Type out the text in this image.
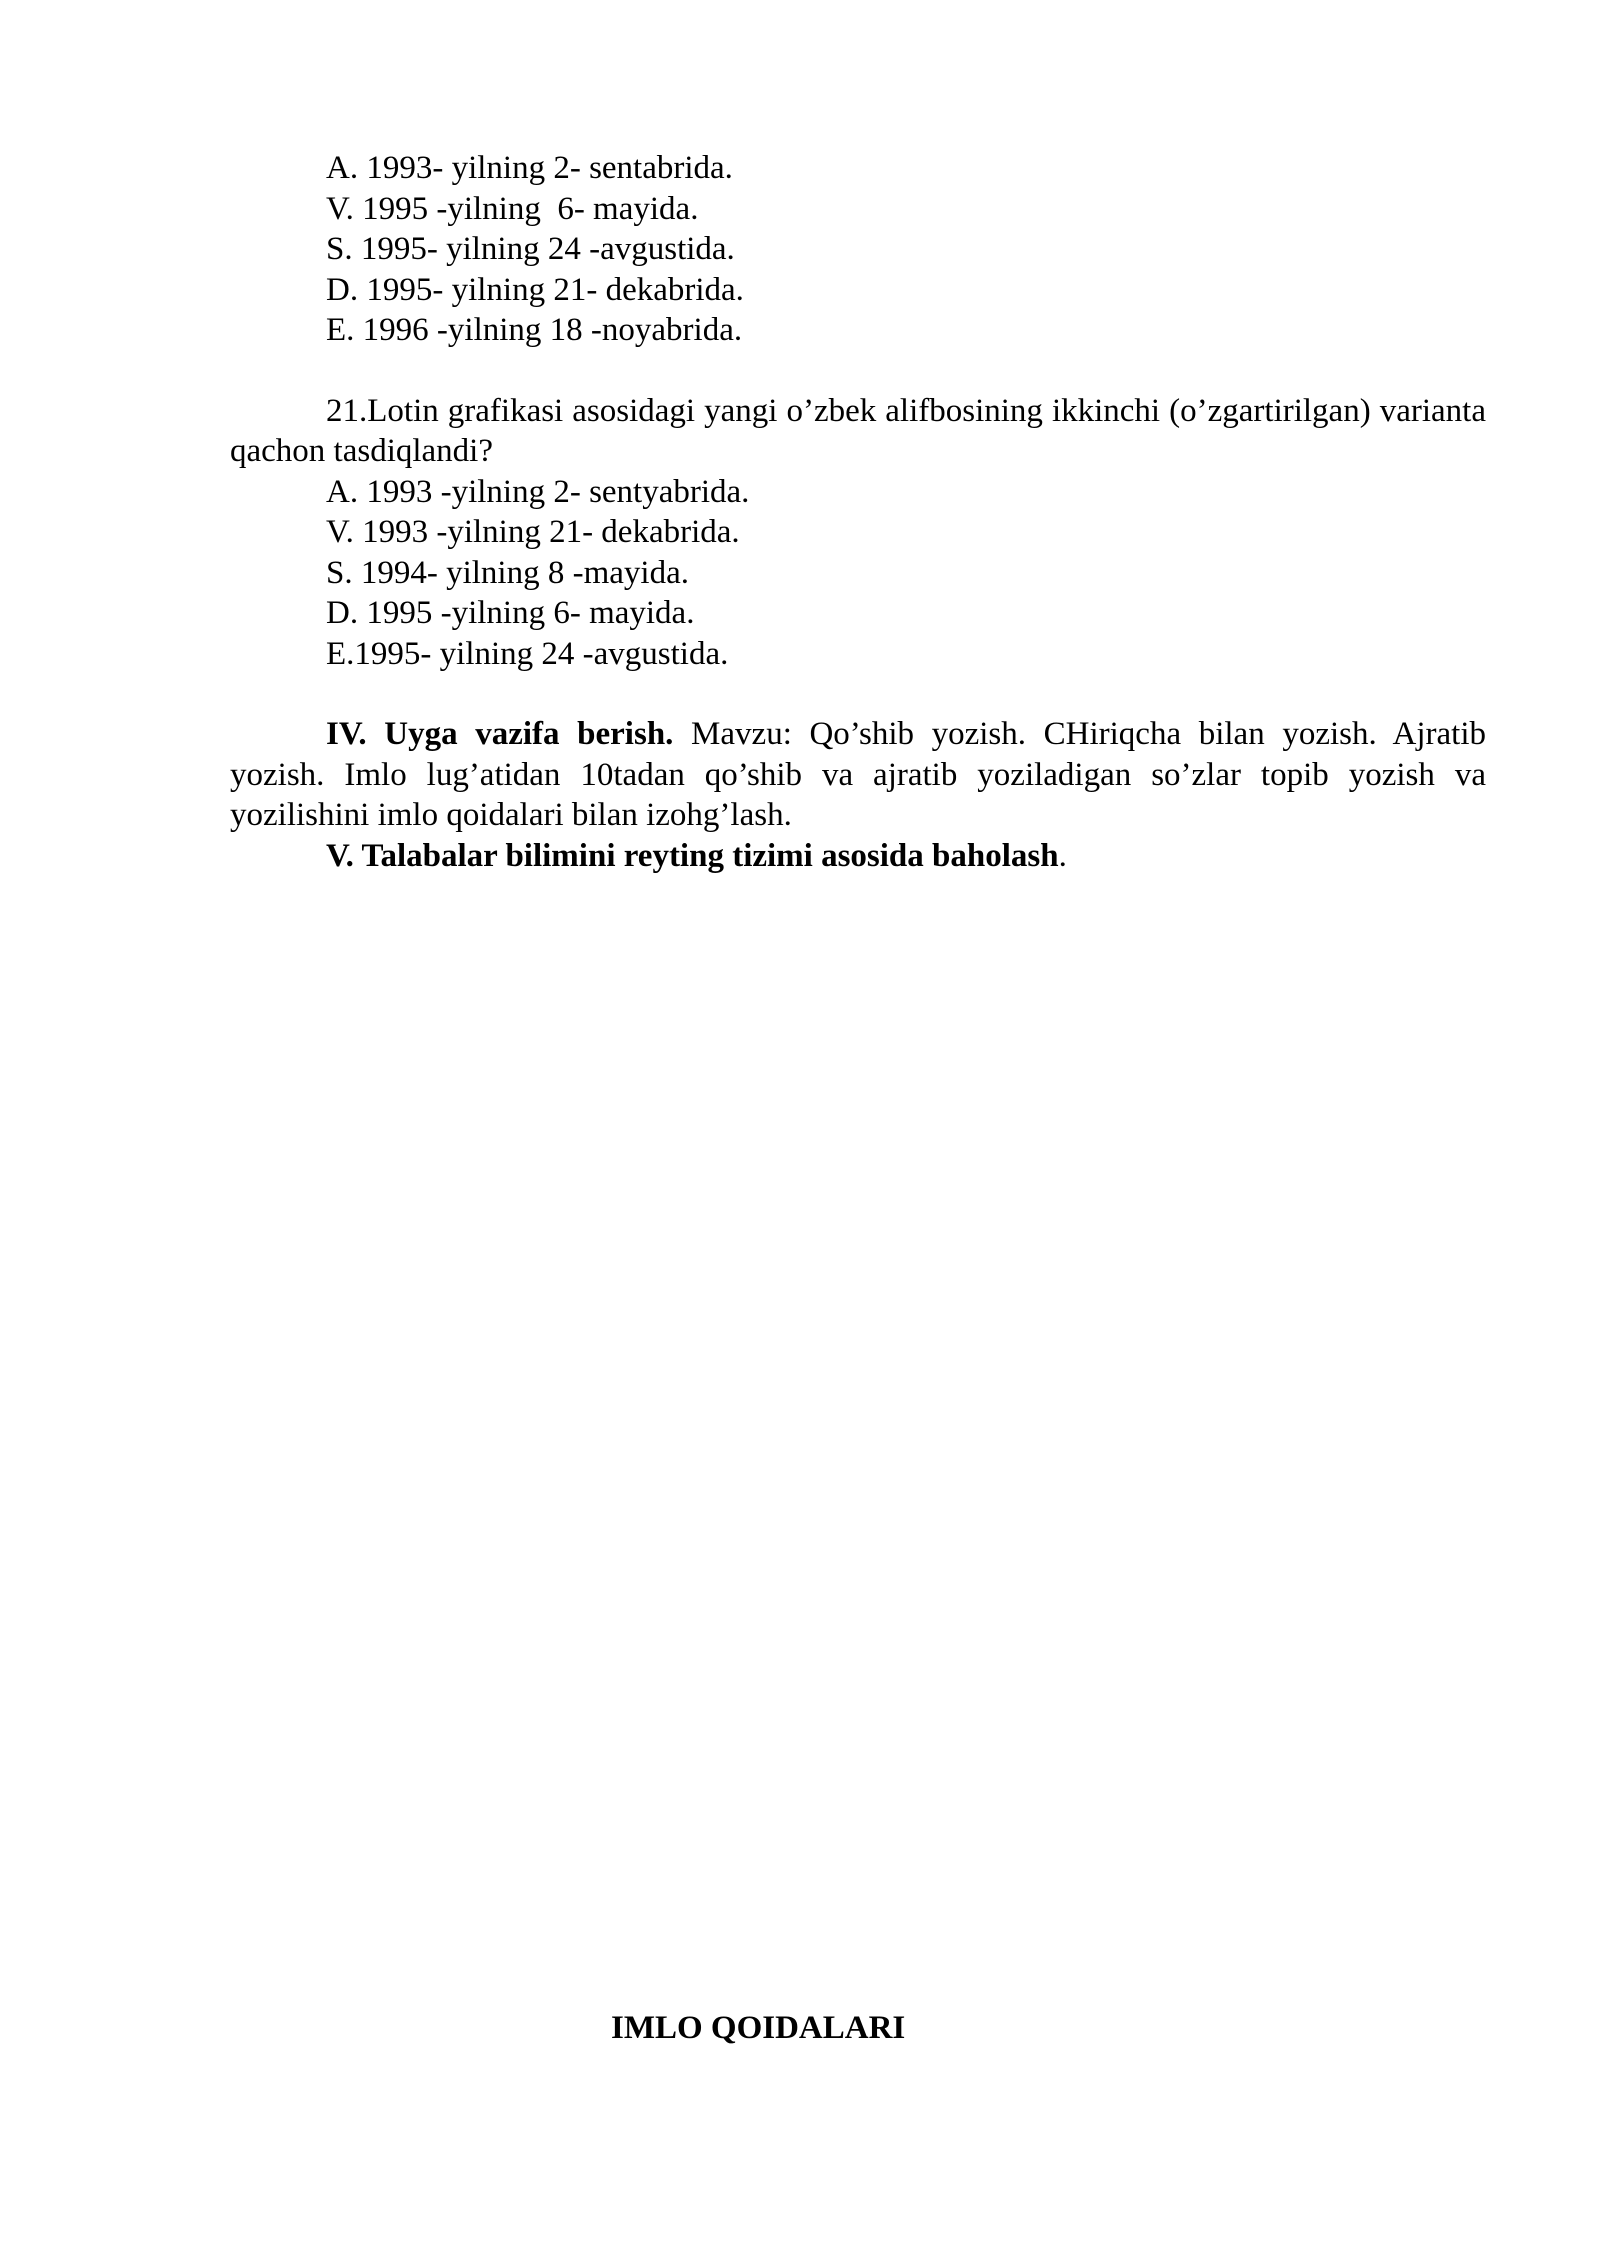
A. 1993- yilning 2- sentabrida.
V. 1995 -yilning  6- mayida.
S. 1995- yilning 24 -avgustida.
D. 1995- yilning 21- dekabrida.
E. 1996 -yilning 18 -noyabrida.
21.Lotin grafikasi asosidagi yangi o’zbek alifbosining ikkinchi (o’zgartirilgan) varianta qachon tasdiqlandi?
A. 1993 -yilning 2- sentyabrida.
V. 1993 -yilning 21- dekabrida.
S. 1994- yilning 8 -mayida.
D. 1995 -yilning 6- mayida.
E.1995- yilning 24 -avgustida.
IV. Uyga vazifa berish. Mavzu: Qo’shib yozish. CHiriqcha bilan yozish. Ajratib yozish. Imlo lug’atidan 10tadan qo’shib va ajratib yoziladigan so’zlar topib yozish va yozilishini imlo qoidalari bilan izohg’lash.
V. Talabalar bilimini reyting tizimi asosida baholash.
IMLO QOIDALARI
